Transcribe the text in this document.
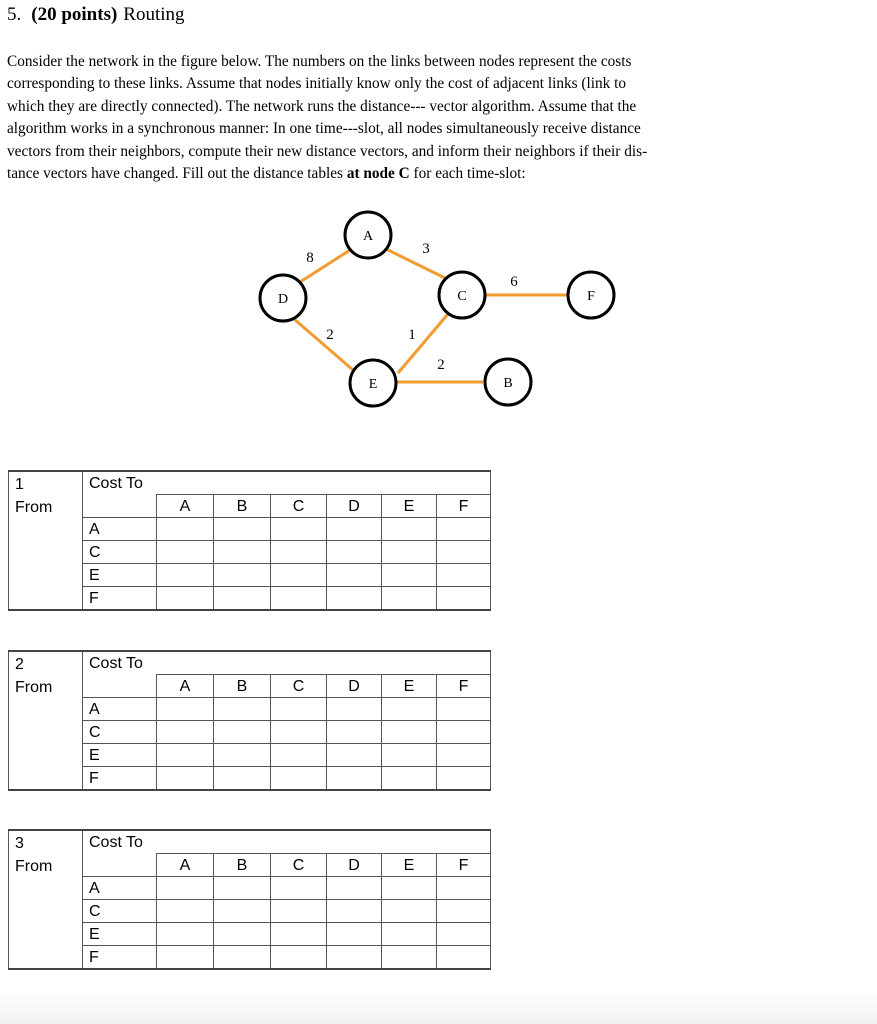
5. (20 points) Routing
Consider the network in the figure below. The numbers on the links between nodes represent the costs
corresponding to these links. Assume that nodes initially know only the cost of adjacent links (link to
which they are directly connected). The network runs the distance--- vector algorithm. Assume that the
algorithm works in a synchronous manner: In one time---slot, all nodes simultaneously receive distance
vectors from their neighbors, compute their new distance vectors, and inform their neighbors if their dis-
tance vectors have changed. Fill out the distance tables at node C for each time-slot:
8
3
6
2	1
2
A
D	C	F
E	B
1	Cost To						
From		A	B	C	D	E	F
	A						
	C						
	E						
	F						
2	Cost To						
From		A	B	C	D	E	F
	A						
	C						
	E						
	F						
3	Cost To						
From		A	B	C	D	E	F
	A						
	C						
	E						
	F						
